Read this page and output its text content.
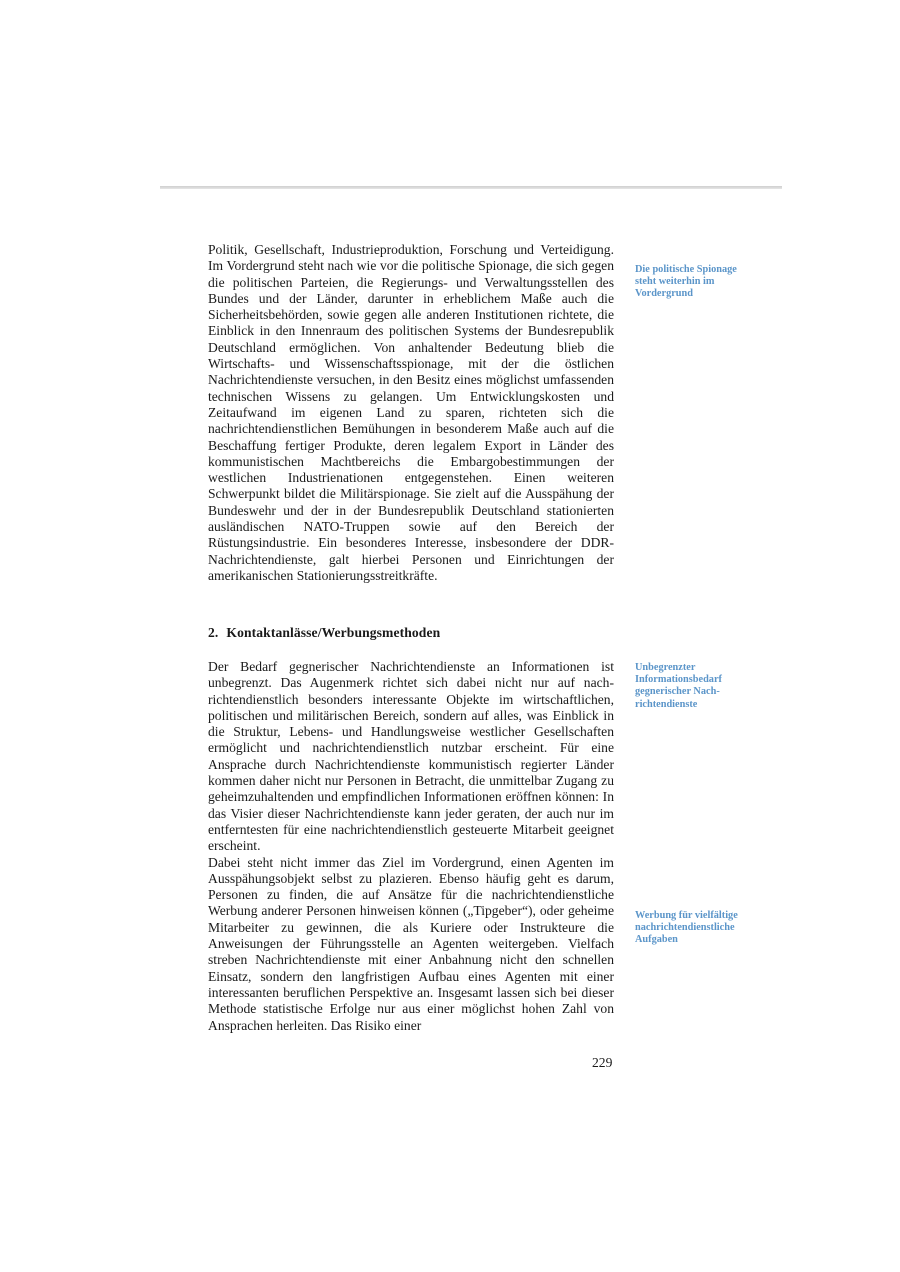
Politik, Gesellschaft, Industrieproduktion, Forschung und Verteidigung. Im Vordergrund steht nach wie vor die politische Spionage, die sich gegen die politischen Parteien, die Regierungs- und Verwaltungsstellen des Bundes und der Länder, darunter in erheblichem Maße auch die Sicherheitsbehörden, sowie gegen alle anderen Institutionen richtete, die Einblick in den Innenraum des politischen Systems der Bundesrepublik Deutschland ermöglichen. Von anhaltender Bedeutung blieb die Wirtschafts- und Wissenschaftsspionage, mit der die östlichen Nachrichtendienste versuchen, in den Besitz eines möglichst umfassenden technischen Wissens zu gelangen. Um Entwicklungskosten und Zeitaufwand im eigenen Land zu sparen, richteten sich die nachrichtendienstlichen Bemühungen in besonderem Maße auch auf die Beschaffung fertiger Produkte, deren legalem Export in Länder des kommunistischen Machtbereichs die Embargobestimmungen der westlichen Industrienationen entgegenstehen. Einen weiteren Schwerpunkt bildet die Militärspionage. Sie zielt auf die Ausspähung der Bundeswehr und der in der Bundesrepublik Deutschland stationierten ausländischen NATO-Truppen sowie auf den Bereich der Rüstungsindustrie. Ein besonderes Interesse, insbesondere der DDR-Nachrichtendienste, galt hierbei Personen und Einrichtungen der amerikanischen Stationierungsstreitkräfte.

Die politische Spionage steht weiterhin im Vordergrund
2. Kontaktanlässe/Werbungsmethoden

Der Bedarf gegnerischer Nachrichtendienste an Informationen ist unbegrenzt. Das Augenmerk richtet sich dabei nicht nur auf nachrichtendienstlich besonders interessante Objekte im wirtschaftlichen, politischen und militärischen Bereich, sondern auf alles, was Einblick in die Struktur, Lebens- und Handlungsweise westlicher Gesellschaften ermöglicht und nachrichtendienstlich nutzbar erscheint. Für eine Ansprache durch Nachrichtendienste kommunistisch regierter Länder kommen daher nicht nur Personen in Betracht, die unmittelbar Zugang zu geheimzuhaltenden und empfindlichen Informationen eröffnen können: In das Visier dieser Nachrichtendienste kann jeder geraten, der auch nur im entferntesten für eine nachrichtendienstlich gesteuerte Mitarbeit geeignet erscheint.

Dabei steht nicht immer das Ziel im Vordergrund, einen Agenten im Ausspähungsobjekt selbst zu plazieren. Ebenso häufig geht es darum, Personen zu finden, die auf Ansätze für die nachrichtendienstliche Werbung anderer Personen hinweisen können („Tipgeber“), oder geheime Mitarbeiter zu gewinnen, die als Kuriere oder Instrukteure die Anweisungen der Führungsstelle an Agenten weitergeben. Vielfach streben Nachrichtendienste mit einer Anbahnung nicht den schnellen Einsatz, sondern den langfristigen Aufbau eines Agenten mit einer interessanten beruflichen Perspektive an. Insgesamt lassen sich bei dieser Methode statistische Erfolge nur aus einer möglichst hohen Zahl von Ansprachen herleiten. Das Risiko einer

Unbegrenzter Informationsbedarf gegnerischer Nachrichtendienste
Werbung für vielfältige nachrichtendienstliche Aufgaben
229
